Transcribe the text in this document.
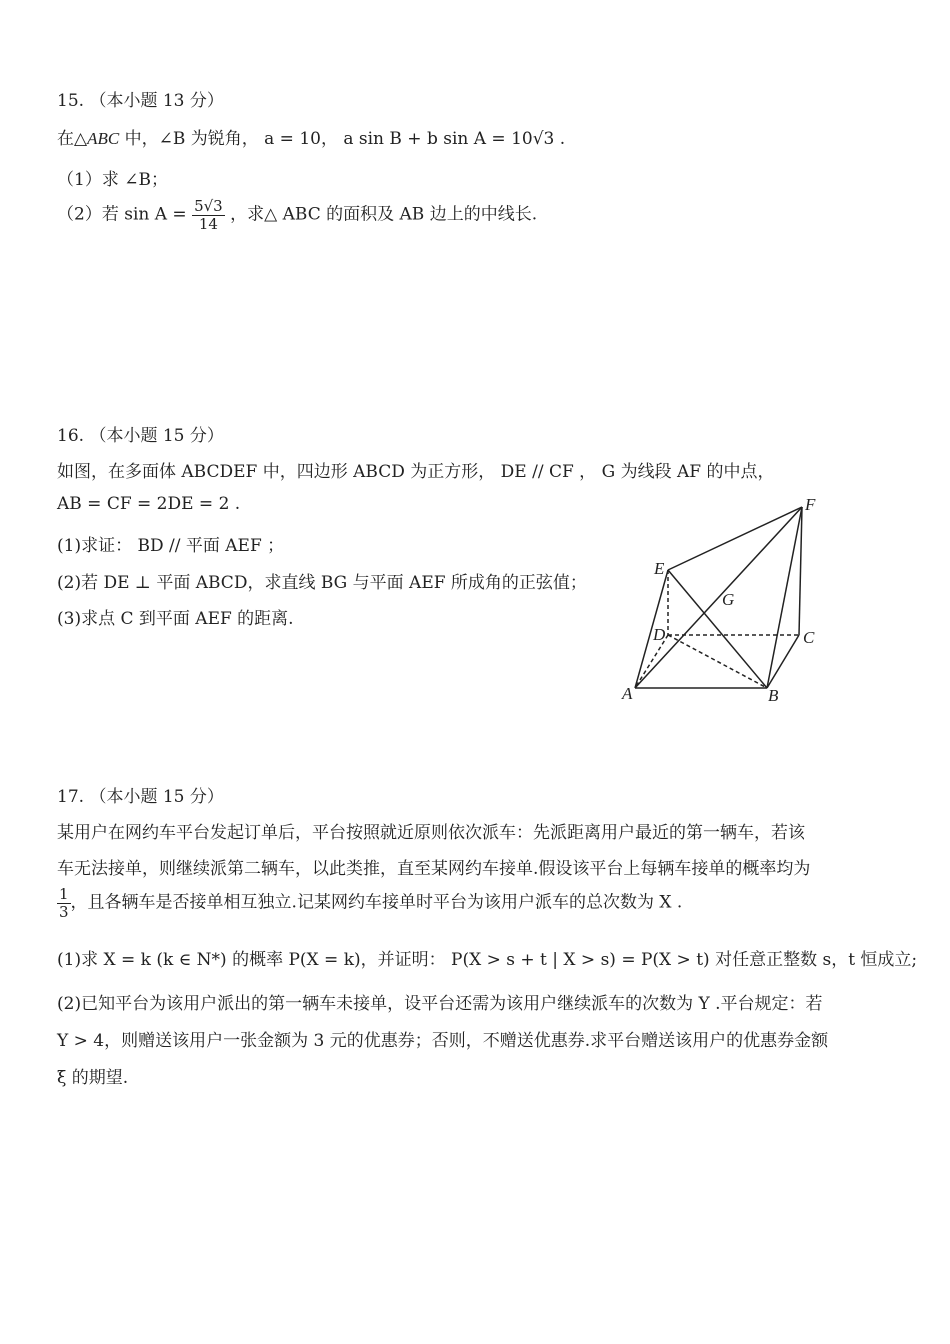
15. （本小题 13 分）
在△ABC 中，∠B 为锐角， a = 10， a sin B + b sin A = 10√3 .
（1）求 ∠B；
（2）若 $\sin A = \frac{5√3}{14}$ ，求△ ABC 的面积及 AB 边上的中线长.
16. （本小题 15 分）
如图，在多面体 ABCDEF 中，四边形 ABCD 为正方形， DE // CF ， G 为线段 AF 的中点，
AB = CF = 2DE = 2 .
(1)求证： BD // 平面 AEF ；
(2)若 DE ⊥ 平面 ABCD，求直线 BG 与平面 AEF 所成角的正弦值；
(3)求点 C 到平面 AEF 的距离.
A	B
C
D
E
F
G
17. （本小题 15 分）
某用户在网约车平台发起订单后，平台按照就近原则依次派车：先派距离用户最近的第一辆车，若该
车无法接单，则继续派第二辆车，以此类推，直至某网约车接单.假设该平台上每辆车接单的概率均为
$\frac{1}{3}$ ，且各辆车是否接单相互独立.记某网约车接单时平台为该用户派车的总次数为 X .
(1)求 X = k (k ∈ N*) 的概率 P(X = k)，并证明： P(X > s + t | X > s) = P(X > t) 对任意正整数 s，t 恒成立;
(2)已知平台为该用户派出的第一辆车未接单，设平台还需为该用户继续派车的次数为 Y .平台规定：若
Y > 4，则赠送该用户一张金额为 3 元的优惠券；否则，不赠送优惠券.求平台赠送该用户的优惠券金额
ξ 的期望.
